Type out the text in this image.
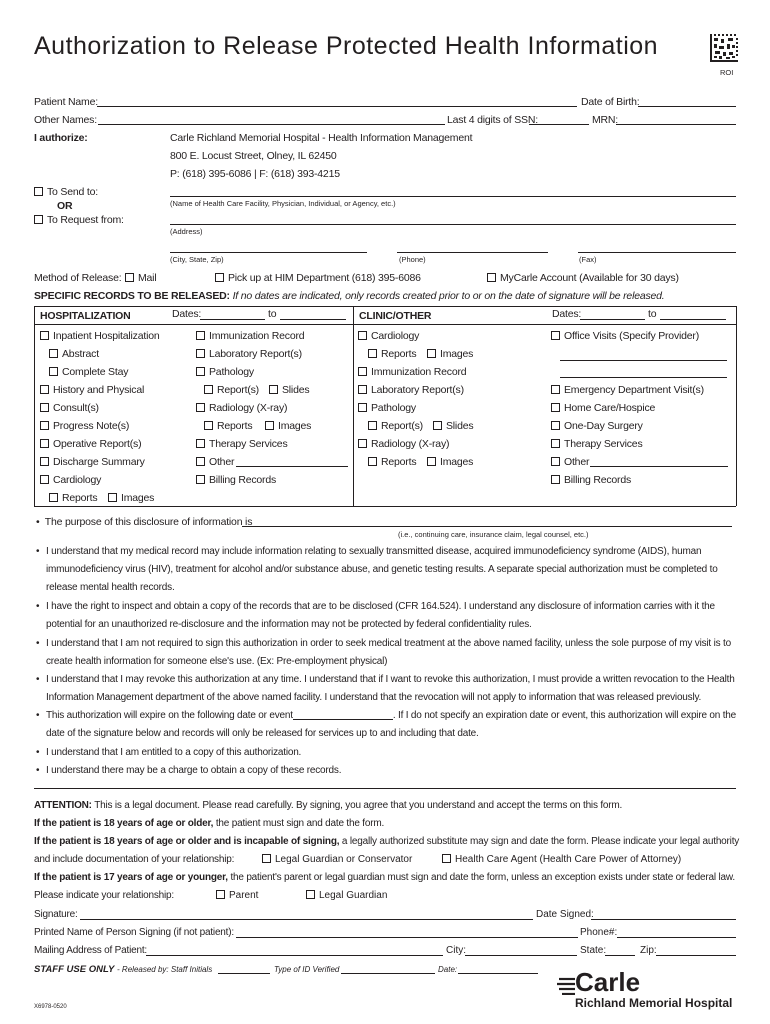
Authorization to Release Protected Health Information
ROI
Patient Name:	Date of Birth:
Other Names:	Last 4 digits of SSN:	MRN:
I authorize:	Carle Richland Memorial Hospital - Health Information Management
800 E. Locust Street, Olney, IL 62450
P: (618) 395-6086 | F: (618) 393-4215
To Send to:
OR
To Request from:
(Name of Health Care Facility, Physician, Individual, or Agency, etc.)
(Address)
(City, State, Zip)	(Phone)	(Fax)
Method of Release:	Mail	Pick up at HIM Department (618) 395-6086	MyCarle Account (Available for 30 days)
SPECIFIC RECORDS TO BE RELEASED: If no dates are indicated, only records created prior to or on the date of signature will be released.
HOSPITALIZATION	Dates:	to
Inpatient Hospitalization
Abstract
Complete Stay
History and Physical
Consult(s)
Progress Note(s)
Operative Report(s)
Discharge Summary
Cardiology
Reports	Images
Immunization Record
Laboratory Report(s)
Pathology
Report(s)	Slides
Radiology (X-ray)
Reports	Images
Therapy Services
Other
Billing Records
CLINIC/OTHER	Dates:	to
Cardiology
Reports	Images
Immunization Record
Laboratory Report(s)
Pathology
Report(s)	Slides
Radiology (X-ray)
Reports	Images
Office Visits (Specify Provider)
Emergency Department Visit(s)
Home Care/Hospice
One-Day Surgery
Therapy Services
Other
Billing Records
•  The purpose of this disclosure of information is
(i.e., continuing care, insurance claim, legal counsel, etc.)
• I understand that my medical record may include information relating to sexually transmitted disease, acquired immunodeficiency syndrome (AIDS), human immunodeficiency virus (HIV), treatment for alcohol and/or substance abuse, and genetic testing results. A separate special authorization must be completed to release mental health records.
• I have the right to inspect and obtain a copy of the records that are to be disclosed (CFR 164.524). I understand any disclosure of information carries with it the potential for an unauthorized re-disclosure and the information may not be protected by federal confidentiality rules.
• I understand that I am not required to sign this authorization in order to seek medical treatment at the above named facility, unless the sole purpose of my visit is to create health information for someone else's use. (Ex: Pre-employment physical)
• I understand that I may revoke this authorization at any time. I understand that if I want to revoke this authorization, I must provide a written revocation to the Health Information Management department of the above named facility. I understand that the revocation will not apply to information that was released previously.
• This authorization will expire on the following date or event	. If I do not specify an expiration date or event, this authorization will expire on the date of the signature below and records will only be released for services up to and including that date.
• I understand that I am entitled to a copy of this authorization.
• I understand there may be a charge to obtain a copy of these records.
ATTENTION: This is a legal document. Please read carefully. By signing, you agree that you understand and accept the terms on this form.
If the patient is 18 years of age or older, the patient must sign and date the form.
If the patient is 18 years of age or older and is incapable of signing, a legally authorized substitute may sign and date the form. Please indicate your legal authority
and include documentation of your relationship:	Legal Guardian or Conservator	Health Care Agent (Health Care Power of Attorney)
If the patient is 17 years of age or younger, the patient's parent or legal guardian must sign and date the form, unless an exception exists under state or federal law.
Please indicate your relationship:	Parent	Legal Guardian
Signature:	Date Signed:
Printed Name of Person Signing (if not patient):	Phone#:
Mailing Address of Patient:	City:	State:	Zip:
STAFF USE ONLY - Released by: Staff Initials	Type of ID Verified	Date:
X6978-0520
Carle
Richland Memorial Hospital
